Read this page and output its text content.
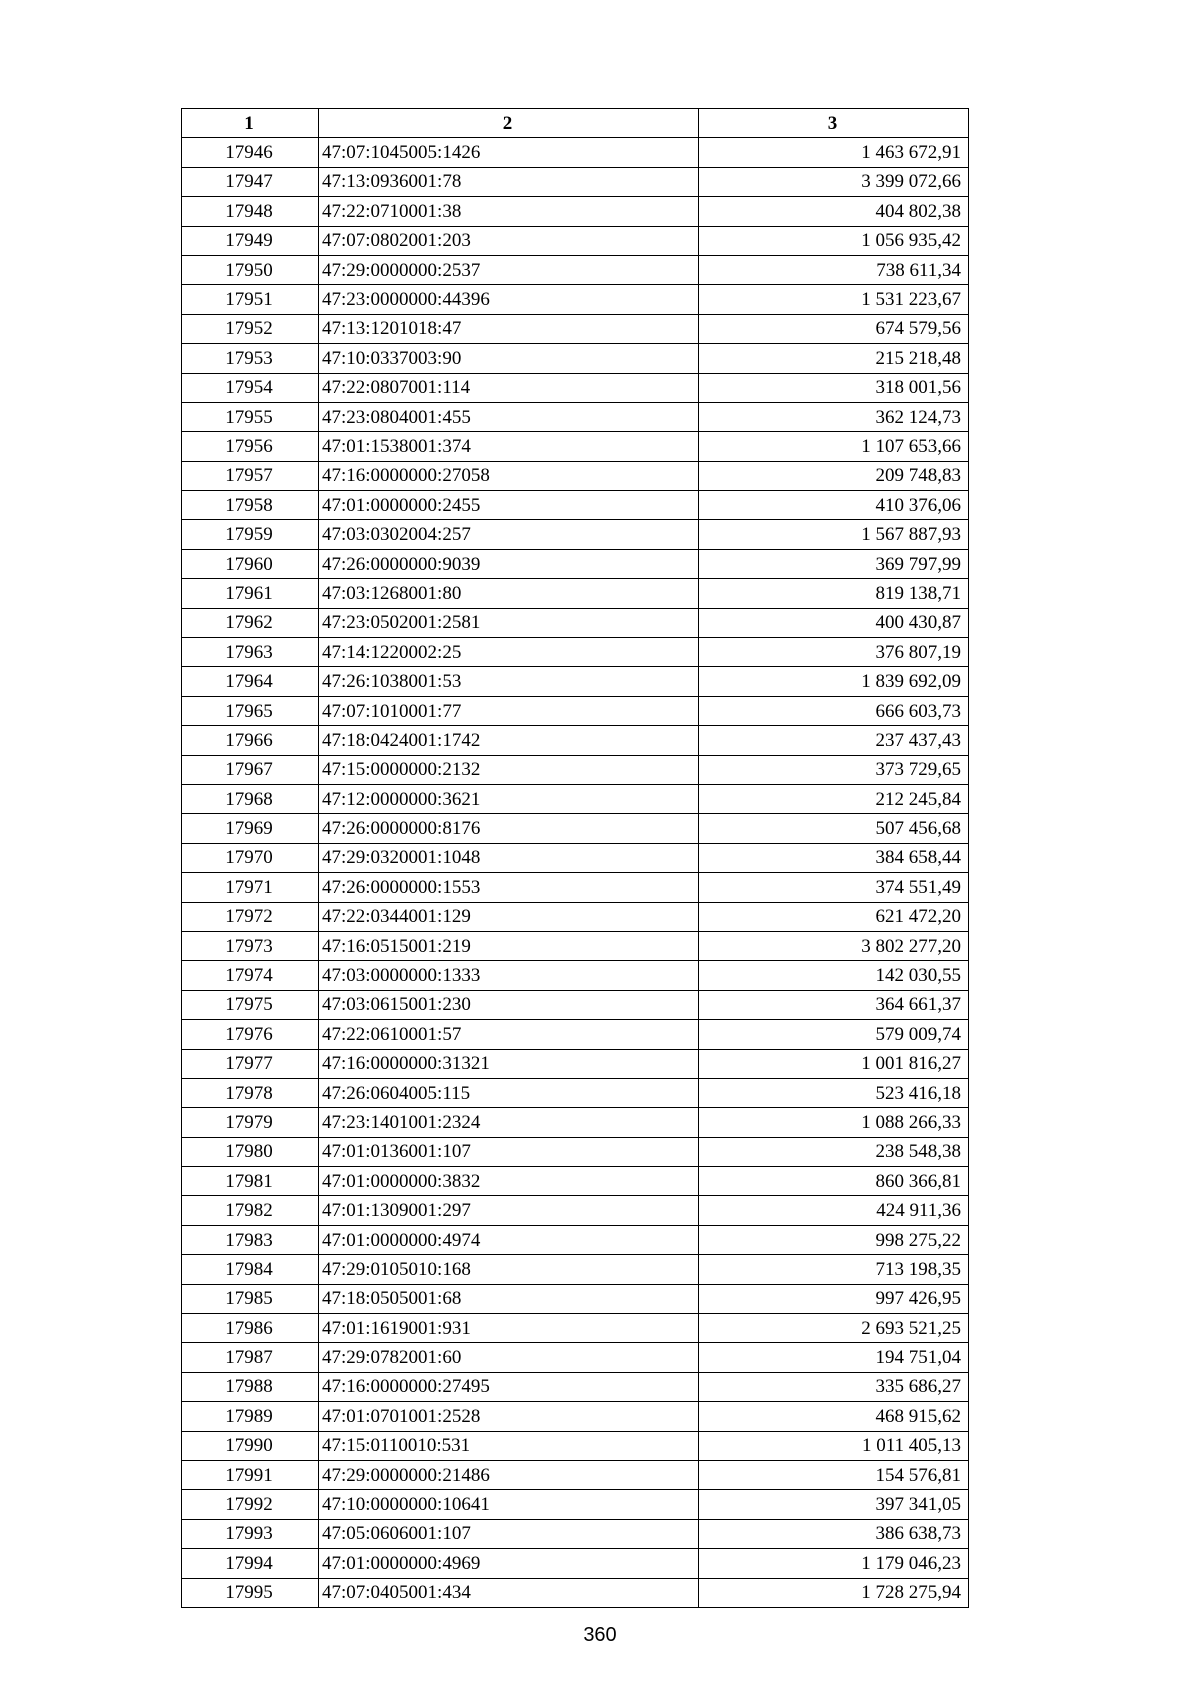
1	2	3
17946	47:07:1045005:1426	1 463 672,91
17947	47:13:0936001:78	3 399 072,66
17948	47:22:0710001:38	404 802,38
17949	47:07:0802001:203	1 056 935,42
17950	47:29:0000000:2537	738 611,34
17951	47:23:0000000:44396	1 531 223,67
17952	47:13:1201018:47	674 579,56
17953	47:10:0337003:90	215 218,48
17954	47:22:0807001:114	318 001,56
17955	47:23:0804001:455	362 124,73
17956	47:01:1538001:374	1 107 653,66
17957	47:16:0000000:27058	209 748,83
17958	47:01:0000000:2455	410 376,06
17959	47:03:0302004:257	1 567 887,93
17960	47:26:0000000:9039	369 797,99
17961	47:03:1268001:80	819 138,71
17962	47:23:0502001:2581	400 430,87
17963	47:14:1220002:25	376 807,19
17964	47:26:1038001:53	1 839 692,09
17965	47:07:1010001:77	666 603,73
17966	47:18:0424001:1742	237 437,43
17967	47:15:0000000:2132	373 729,65
17968	47:12:0000000:3621	212 245,84
17969	47:26:0000000:8176	507 456,68
17970	47:29:0320001:1048	384 658,44
17971	47:26:0000000:1553	374 551,49
17972	47:22:0344001:129	621 472,20
17973	47:16:0515001:219	3 802 277,20
17974	47:03:0000000:1333	142 030,55
17975	47:03:0615001:230	364 661,37
17976	47:22:0610001:57	579 009,74
17977	47:16:0000000:31321	1 001 816,27
17978	47:26:0604005:115	523 416,18
17979	47:23:1401001:2324	1 088 266,33
17980	47:01:0136001:107	238 548,38
17981	47:01:0000000:3832	860 366,81
17982	47:01:1309001:297	424 911,36
17983	47:01:0000000:4974	998 275,22
17984	47:29:0105010:168	713 198,35
17985	47:18:0505001:68	997 426,95
17986	47:01:1619001:931	2 693 521,25
17987	47:29:0782001:60	194 751,04
17988	47:16:0000000:27495	335 686,27
17989	47:01:0701001:2528	468 915,62
17990	47:15:0110010:531	1 011 405,13
17991	47:29:0000000:21486	154 576,81
17992	47:10:0000000:10641	397 341,05
17993	47:05:0606001:107	386 638,73
17994	47:01:0000000:4969	1 179 046,23
17995	47:07:0405001:434	1 728 275,94
360
